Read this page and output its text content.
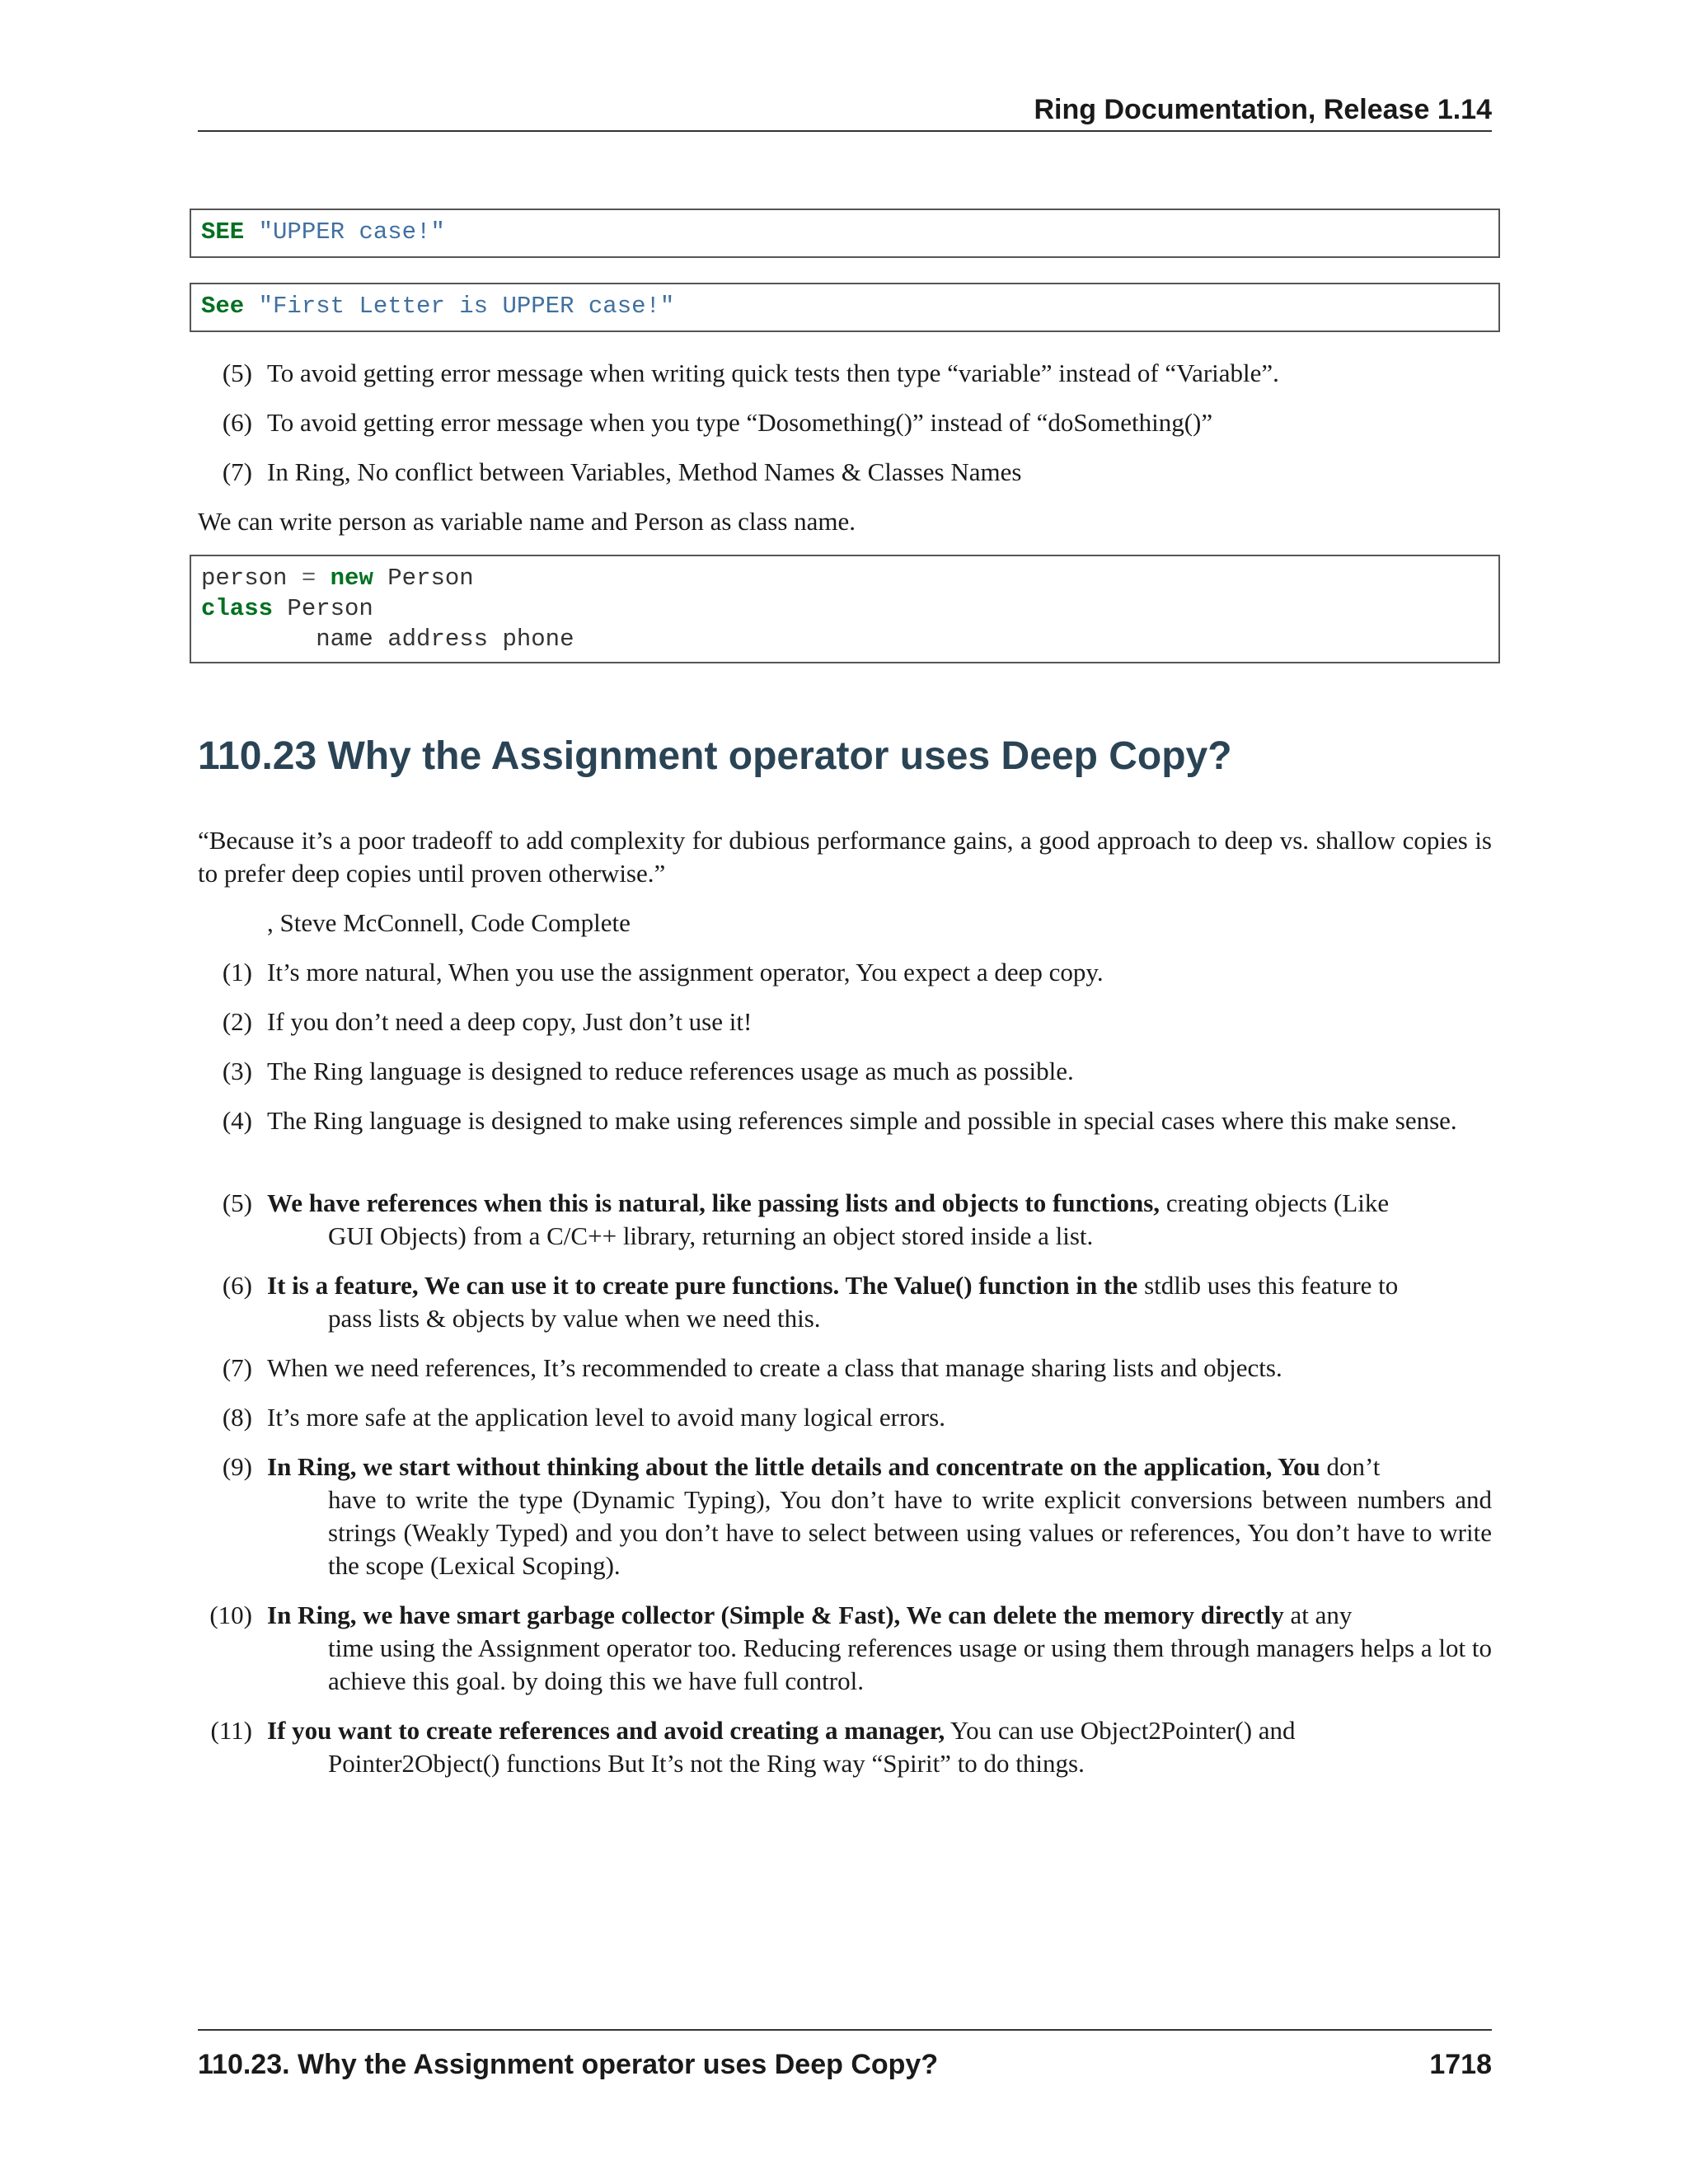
Ring Documentation, Release 1.14
SEE "UPPER case!"
See "First Letter is UPPER case!"
(5) To avoid getting error message when writing quick tests then type “variable” instead of “Variable”.
(6) To avoid getting error message when you type “Dosomething()” instead of “doSomething()”
(7) In Ring, No conflict between Variables, Method Names & Classes Names
We can write person as variable name and Person as class name.
person = new Person
class Person
name address phone
110.23 Why the Assignment operator uses Deep Copy?
“Because it’s a poor tradeoff to add complexity for dubious performance gains, a good approach to deep vs. shallow copies is to prefer deep copies until proven otherwise.”
, Steve McConnell, Code Complete
(1) It’s more natural, When you use the assignment operator, You expect a deep copy.
(2) If you don’t need a deep copy, Just don’t use it!
(3) The Ring language is designed to reduce references usage as much as possible.
(4) The Ring language is designed to make using references simple and possible in special cases where this make sense.
(5) We have references when this is natural, like passing lists and objects to functions, creating objects (Like
GUI Objects) from a C/C++ library, returning an object stored inside a list.
(6) It is a feature, We can use it to create pure functions. The Value() function in the stdlib uses this feature to
pass lists & objects by value when we need this.
(7) When we need references, It’s recommended to create a class that manage sharing lists and objects.
(8) It’s more safe at the application level to avoid many logical errors.
(9) In Ring, we start without thinking about the little details and concentrate on the application, You don’t
have to write the type (Dynamic Typing), You don’t have to write explicit conversions between numbers and strings (Weakly Typed) and you don’t have to select between using values or references, You don’t have to write the scope (Lexical Scoping).
(10) In Ring, we have smart garbage collector (Simple & Fast), We can delete the memory directly at any
time using the Assignment operator too. Reducing references usage or using them through managers helps a lot to achieve this goal. by doing this we have full control.
(11) If you want to create references and avoid creating a manager, You can use Object2Pointer() and
Pointer2Object() functions But It’s not the Ring way “Spirit” to do things.
110.23. Why the Assignment operator uses Deep Copy?	1718
